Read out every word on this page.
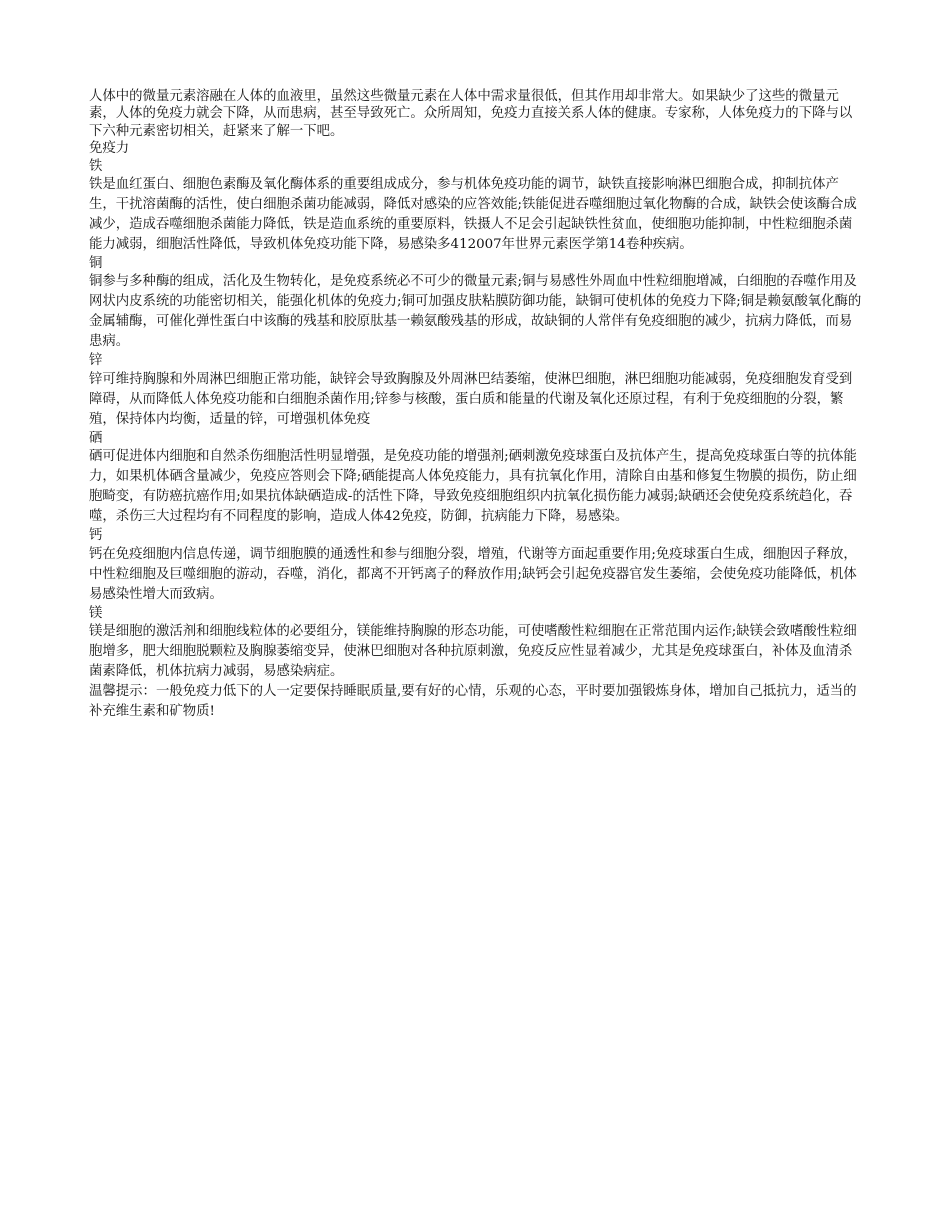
人体中的微量元素溶融在人体的血液里，虽然这些微量元素在人体中需求量很低，但其作用却非常大。如果缺少了这些的微量元素，人体的免疫力就会下降，从而患病，甚至导致死亡。众所周知，免疫力直接关系人体的健康。专家称，人体免疫力的下降与以下六种元素密切相关，赶紧来了解一下吧。

免疫力
铁

铁是血红蛋白、细胞色素酶及氧化酶体系的重要组成成分，参与机体免疫功能的调节，缺铁直接影响淋巴细胞合成，抑制抗体产生，干扰溶菌酶的活性，使白细胞杀菌功能减弱，降低对感染的应答效能;铁能促进吞噬细胞过氧化物酶的合成，缺铁会使该酶合成减少，造成吞噬细胞杀菌能力降低，铁是造血系统的重要原料，铁摄人不足会引起缺铁性贫血，使细胞功能抑制，中性粒细胞杀菌能力减弱，细胞活性降低，导致机体免疫功能下降，易感染多412007年世界元素医学第14卷种疾病。

铜

铜参与多种酶的组成，活化及生物转化，是免疫系统必不可少的微量元素;铜与易感性外周血中性粒细胞增减，白细胞的吞噬作用及网状内皮系统的功能密切相关，能强化机体的免疫力;铜可加强皮肤粘膜防御功能，缺铜可使机体的免疫力下降;铜是赖氨酸氧化酶的金属辅酶，可催化弹性蛋白中该酶的残基和胶原肽基一赖氨酸残基的形成，故缺铜的人常伴有免疫细胞的减少，抗病力降低，而易患病。

锌

锌可维持胸腺和外周淋巴细胞正常功能，缺锌会导致胸腺及外周淋巴结萎缩，使淋巴细胞，淋巴细胞功能减弱，免疫细胞发育受到障碍，从而降低人体免疫功能和白细胞杀菌作用;锌参与核酸，蛋白质和能量的代谢及氧化还原过程，有利于免疫细胞的分裂，繁殖，保持体内均衡，适量的锌，可增强机体免疫

硒

硒可促进体内细胞和自然杀伤细胞活性明显增强，是免疫功能的增强剂;硒刺激免疫球蛋白及抗体产生，提高免疫球蛋白等的抗体能力，如果机体硒含量减少，免疫应答则会下降;硒能提高人体免疫能力，具有抗氧化作用，清除自由基和修复生物膜的损伤，防止细胞畸变，有防癌抗癌作用;如果抗体缺硒造成-的活性下降，导致免疫细胞组织内抗氧化损伤能力减弱;缺硒还会使免疫系统趋化，吞噬，杀伤三大过程均有不同程度的影响，造成人体42免疫，防御，抗病能力下降，易感染。

钙

钙在免疫细胞内信息传递，调节细胞膜的通透性和参与细胞分裂，增殖，代谢等方面起重要作用;免疫球蛋白生成，细胞因子释放，中性粒细胞及巨噬细胞的游动，吞噬，消化，都离不开钙离子的释放作用;缺钙会引起免疫器官发生萎缩，会使免疫功能降低，机体易感染性增大而致病。

镁

镁是细胞的激活剂和细胞线粒体的必要组分，镁能维持胸腺的形态功能，可使嗜酸性粒细胞在正常范围内运作;缺镁会致嗜酸性粒细胞增多，肥大细胞脱颗粒及胸腺萎缩变异，使淋巴细胞对各种抗原刺激，免疫反应性显着减少，尤其是免疫球蛋白，补体及血清杀菌素降低，机体抗病力减弱，易感染病症。

温馨提示：一般免疫力低下的人一定要保持睡眠质量,要有好的心情，乐观的心态，平时要加强锻炼身体，增加自己抵抗力，适当的补充维生素和矿物质!
